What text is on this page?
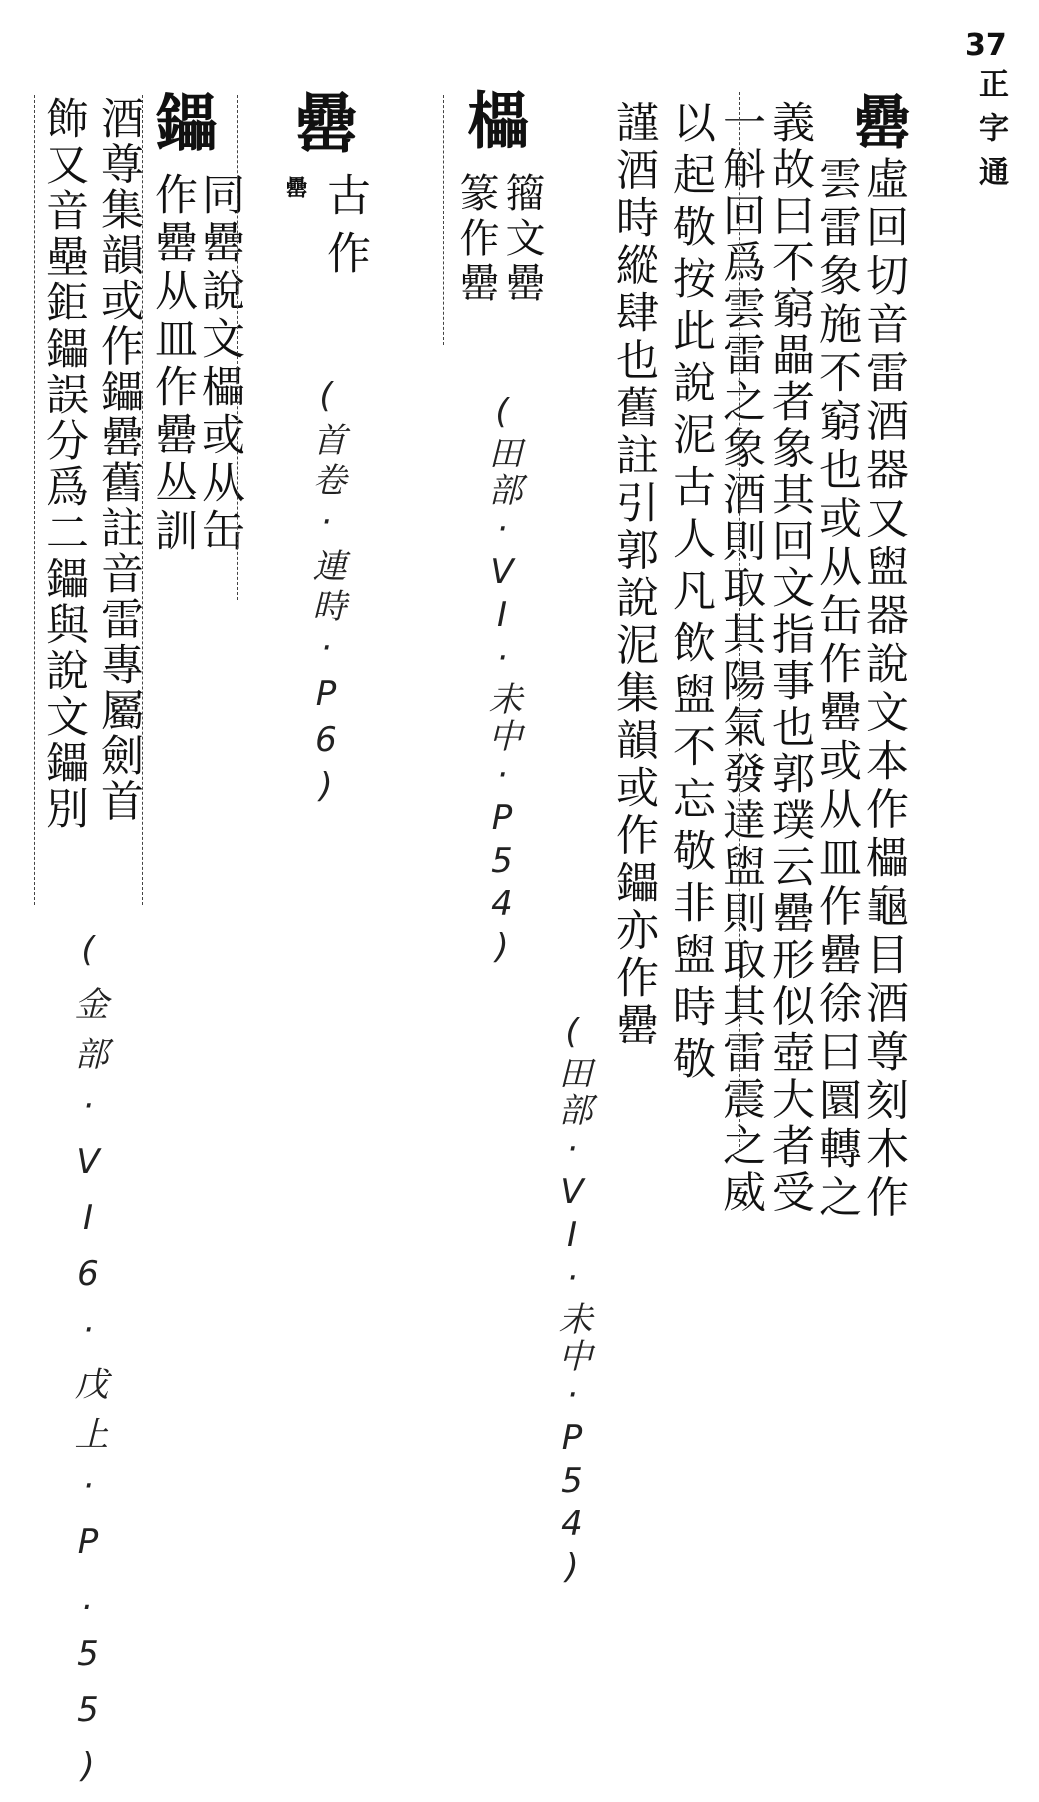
37
正字通
罍
虛回切音雷酒器又盥器說文本作櫑龜目酒尊刻木作
雲雷象施不窮也或从缶作罍或从皿作罍徐曰圜轉之
義故曰不窮畾者象其回文指事也郭璞云罍形似壺大者受
一斛回爲雲雷之象酒則取其陽氣發達盥則取其雷震之威
以起敬按此說泥古人凡飲盥不忘敬非盥時敬
謹酒時縱肆也舊註引郭說泥集韻或作鑘亦作罍
(田部·VI·未中·P54)
櫑
籀文罍
篆作罍
(田部·VI·未中·P54)
罍
古作
罍
(首卷·連時·P6)
鑘
同罍說文櫑或从缶
作罍从皿作罍丛訓
酒尊集韻或作鑘罍舊註音雷專屬劍首
飾又音壘鉅鑘誤分爲二鑘與說文鑘別
(金部·VI6·戊上·P.55)
